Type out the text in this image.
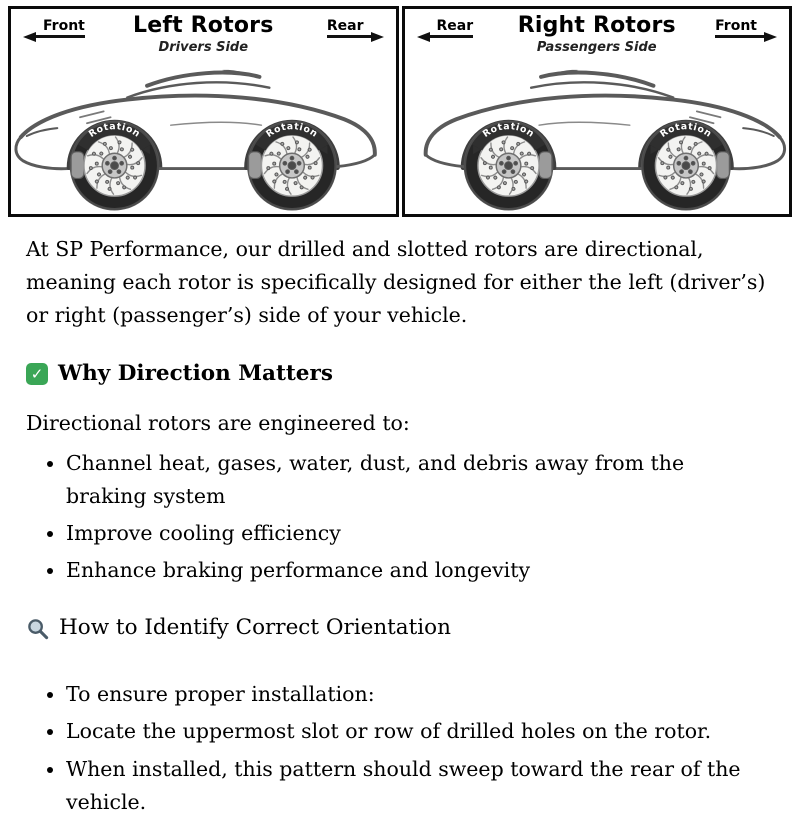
Front	Left Rotors	Rear
Drivers Side
Rotation	Rotation
Rear	Right Rotors	Front
Passengers Side
Rotation	Rotation

At SP Performance, our drilled and slotted rotors are directional, meaning each rotor is specifically designed for either the left (driver’s) or right (passenger’s) side of your vehicle.

✓ Why Direction Matters

Directional rotors are engineered to:

• Channel heat, gases, water, dust, and debris away from the braking system
• Improve cooling efficiency
• Enhance braking performance and longevity
How to Identify Correct Orientation
• To ensure proper installation:
• Locate the uppermost slot or row of drilled holes on the rotor.
• When installed, this pattern should sweep toward the rear of the vehicle.
